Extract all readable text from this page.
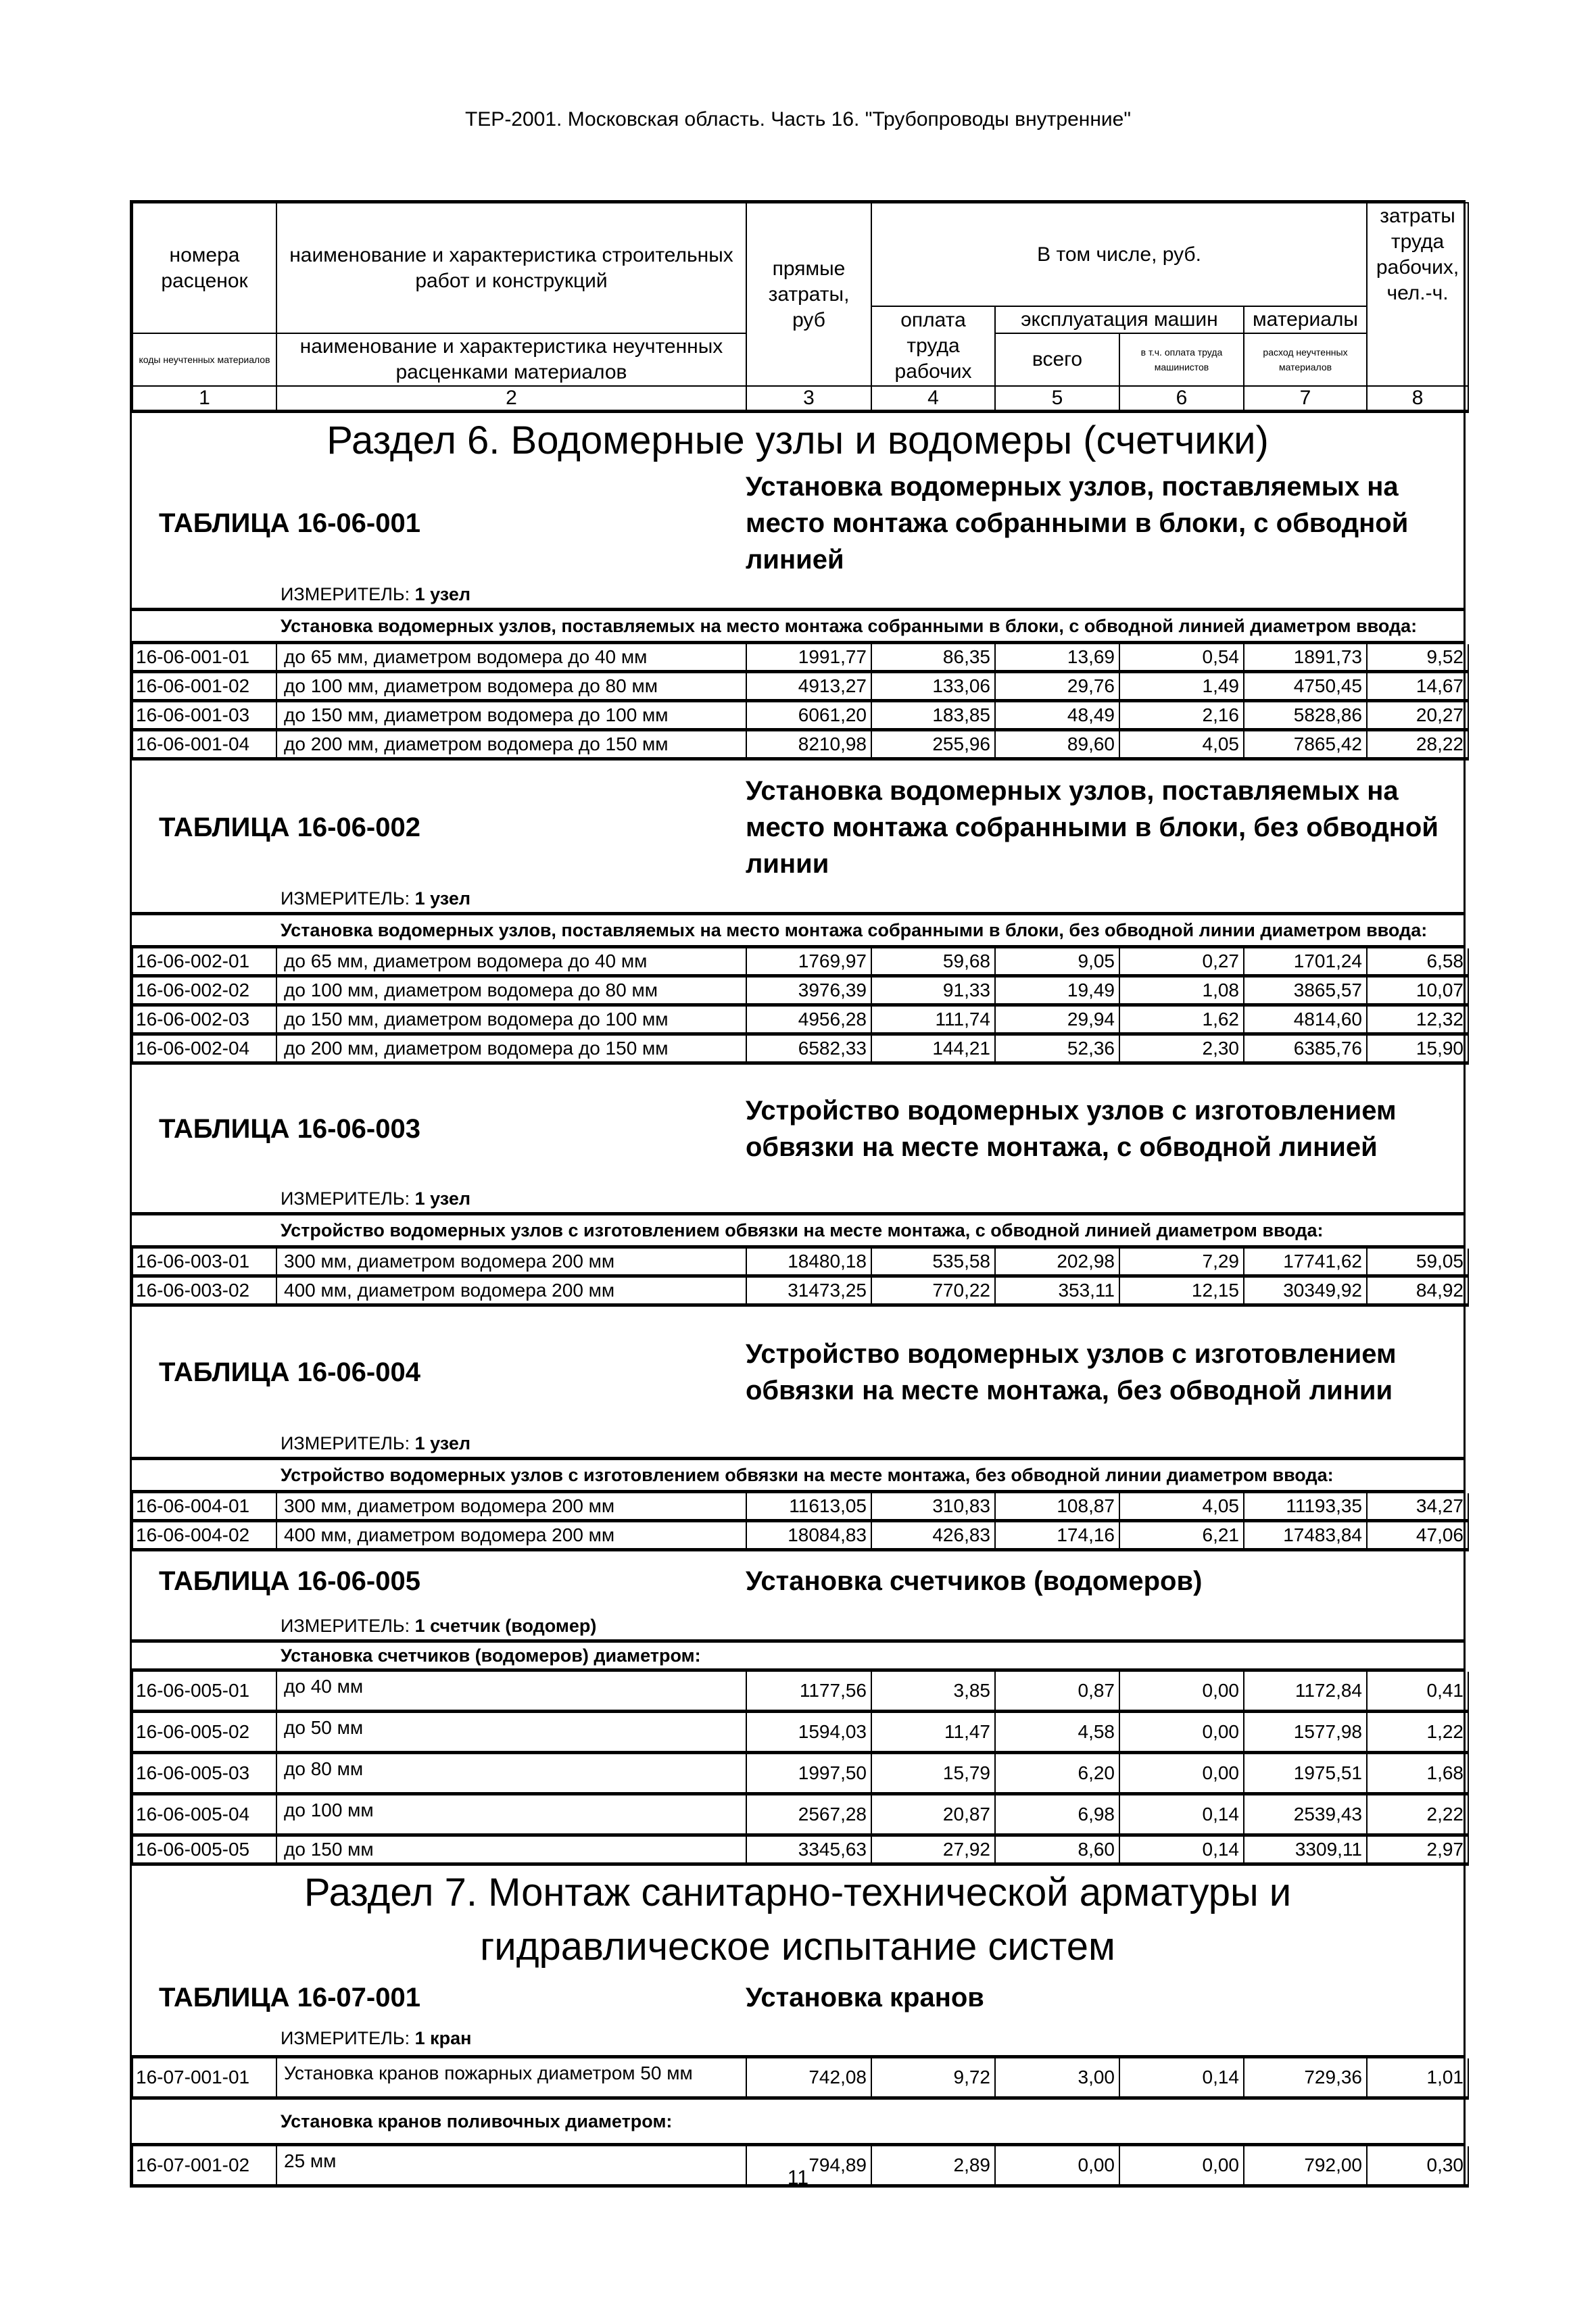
ТЕР-2001. Московская область. Часть 16. "Трубопроводы внутренние"
номера расценок	наименование и характеристика строительных работ и конструкций	прямые затраты, руб	В том числе, руб.				затраты труда рабочих, чел.-ч.
			оплата труда рабочих	эксплуатация машин		материалы	
коды неучтенных материалов	наименование и характеристика неучтенных расценками материалов			всего	в т.ч. оплата труда машинистов	расход неучтенных материалов	

1	2	3	4	5	6	7	8
Раздел 6. Водомерные узлы и водомеры (счетчики)
ТАБЛИЦА 16-06-001
Установка водомерных узлов, поставляемых на место монтажа собранными в блоки, с обводной линией
ИЗМЕРИТЕЛЬ: 1 узел
Установка водомерных узлов, поставляемых на место монтажа собранными в блоки, с обводной линией диаметром ввода:
16-06-001-01	до 65 мм, диаметром водомера до 40 мм	1991,77	86,35	13,69	0,54	1891,73	9,52
16-06-001-02	до 100 мм, диаметром водомера до 80 мм	4913,27	133,06	29,76	1,49	4750,45	14,67
16-06-001-03	до 150 мм, диаметром водомера до 100 мм	6061,20	183,85	48,49	2,16	5828,86	20,27
16-06-001-04	до 200 мм, диаметром водомера до 150 мм	8210,98	255,96	89,60	4,05	7865,42	28,22
ТАБЛИЦА 16-06-002
Установка водомерных узлов, поставляемых на место монтажа собранными в блоки, без обводной линии
ИЗМЕРИТЕЛЬ: 1 узел
Установка водомерных узлов, поставляемых на место монтажа собранными в блоки, без обводной линии диаметром ввода:
16-06-002-01	до 65 мм, диаметром водомера до 40 мм	1769,97	59,68	9,05	0,27	1701,24	6,58
16-06-002-02	до 100 мм, диаметром водомера до 80 мм	3976,39	91,33	19,49	1,08	3865,57	10,07
16-06-002-03	до 150 мм, диаметром водомера до 100 мм	4956,28	111,74	29,94	1,62	4814,60	12,32
16-06-002-04	до 200 мм, диаметром водомера до 150 мм	6582,33	144,21	52,36	2,30	6385,76	15,90
ТАБЛИЦА 16-06-003
Устройство водомерных узлов с изготовлением обвязки на месте монтажа, с обводной линией
ИЗМЕРИТЕЛЬ: 1 узел
Устройство водомерных узлов с изготовлением обвязки на месте монтажа, с обводной линией диаметром ввода:
16-06-003-01	300 мм, диаметром водомера 200 мм	18480,18	535,58	202,98	7,29	17741,62	59,05
16-06-003-02	400 мм, диаметром водомера 200 мм	31473,25	770,22	353,11	12,15	30349,92	84,92
ТАБЛИЦА 16-06-004
Устройство водомерных узлов с изготовлением обвязки на месте монтажа, без обводной линии
ИЗМЕРИТЕЛЬ: 1 узел
Устройство водомерных узлов с изготовлением обвязки на месте монтажа, без обводной линии диаметром ввода:
16-06-004-01	300 мм, диаметром водомера 200 мм	11613,05	310,83	108,87	4,05	11193,35	34,27
16-06-004-02	400 мм, диаметром водомера 200 мм	18084,83	426,83	174,16	6,21	17483,84	47,06
ТАБЛИЦА 16-06-005	Установка счетчиков (водомеров)
ИЗМЕРИТЕЛЬ: 1 счетчик (водомер)
Установка счетчиков (водомеров) диаметром:
16-06-005-01	до 40 мм	1177,56	3,85	0,87	0,00	1172,84	0,41
16-06-005-02	до 50 мм	1594,03	11,47	4,58	0,00	1577,98	1,22
16-06-005-03	до 80 мм	1997,50	15,79	6,20	0,00	1975,51	1,68
16-06-005-04	до 100 мм	2567,28	20,87	6,98	0,14	2539,43	2,22
16-06-005-05	до 150 мм	3345,63	27,92	8,60	0,14	3309,11	2,97
Раздел 7. Монтаж санитарно-технической арматуры и гидравлическое испытание систем
ТАБЛИЦА 16-07-001	Установка кранов
ИЗМЕРИТЕЛЬ: 1 кран
16-07-001-01	Установка кранов пожарных диаметром 50 мм	742,08	9,72	3,00	0,14	729,36	1,01
Установка кранов поливочных диаметром:
16-07-001-02	25 мм	794,89	2,89	0,00	0,00	792,00	0,30
11
